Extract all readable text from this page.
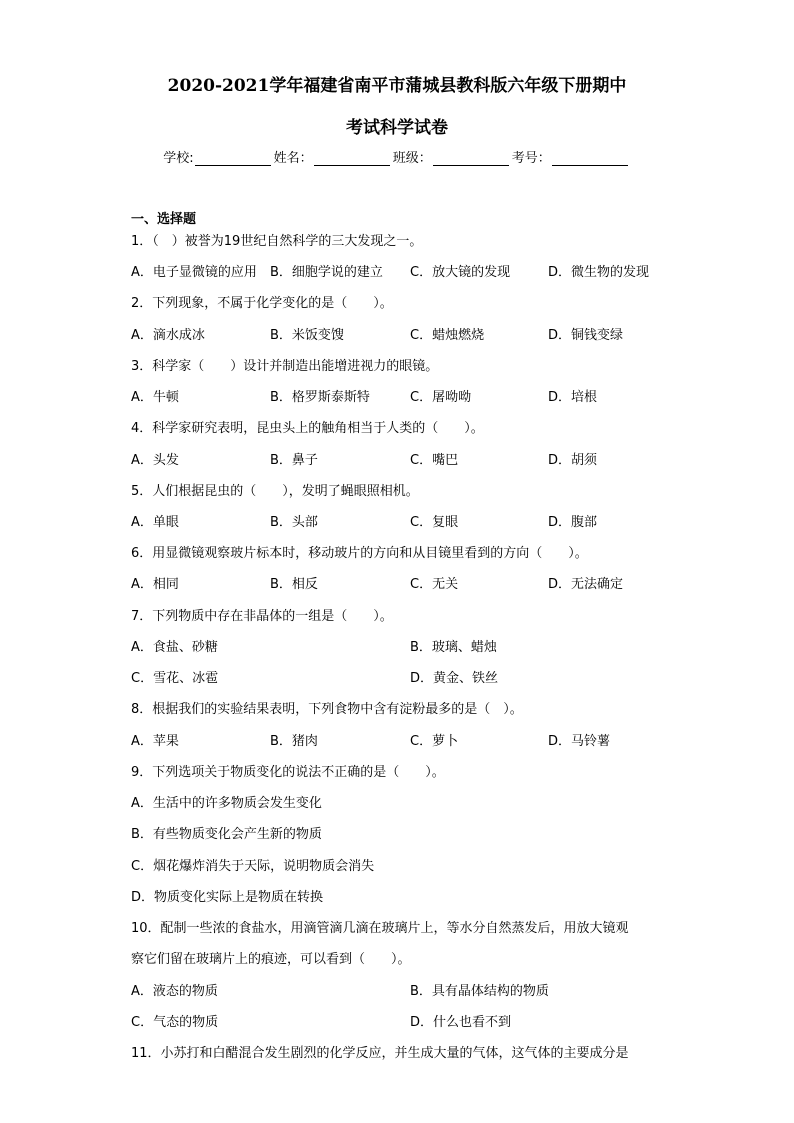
2020-2021学年福建省南平市蒲城县教科版六年级下册期中
考试科学试卷
学校:	姓名：	班级：	考号：
一、选择题
1．（　）被誉为19世纪自然科学的三大发现之一。
A．电子显微镜的应用 B．细胞学说的建立 C．放大镜的发现	D．微生物的发现
2．下列现象，不属于化学变化的是（　　）。
A．滴水成冰	B．米饭变馊	C．蜡烛燃烧	D．铜钱变绿
3．科学家（　　）设计并制造出能增进视力的眼镜。
A．牛顿	B．格罗斯泰斯特	C．屠呦呦	D．培根
4．科学家研究表明，昆虫头上的触角相当于人类的（　　）。
A．头发	B．鼻子	C．嘴巴	D．胡须
5．人们根据昆虫的（　　），发明了蝇眼照相机。
A．单眼	B．头部	C．复眼	D．腹部
6．用显微镜观察玻片标本时，移动玻片的方向和从目镜里看到的方向（　　）。
A．相同	B．相反	C．无关	D．无法确定
7．下列物质中存在非晶体的一组是（　　）。
A．食盐、砂糖	B．玻璃、蜡烛
C．雪花、冰雹	D．黄金、铁丝
8．根据我们的实验结果表明，下列食物中含有淀粉最多的是（　）。
A．苹果	B．猪肉	C．萝卜	D．马铃薯
9．下列选项关于物质变化的说法不正确的是（　　）。
A．生活中的许多物质会发生变化
B．有些物质变化会产生新的物质
C．烟花爆炸消失于天际，说明物质会消失
D．物质变化实际上是物质在转换
10．配制一些浓的食盐水，用滴管滴几滴在玻璃片上，等水分自然蒸发后，用放大镜观
察它们留在玻璃片上的痕迹，可以看到（　　）。
A．液态的物质	B．具有晶体结构的物质
C．气态的物质	D．什么也看不到
11．小苏打和白醋混合发生剧烈的化学反应，并生成大量的气体，这气体的主要成分是
